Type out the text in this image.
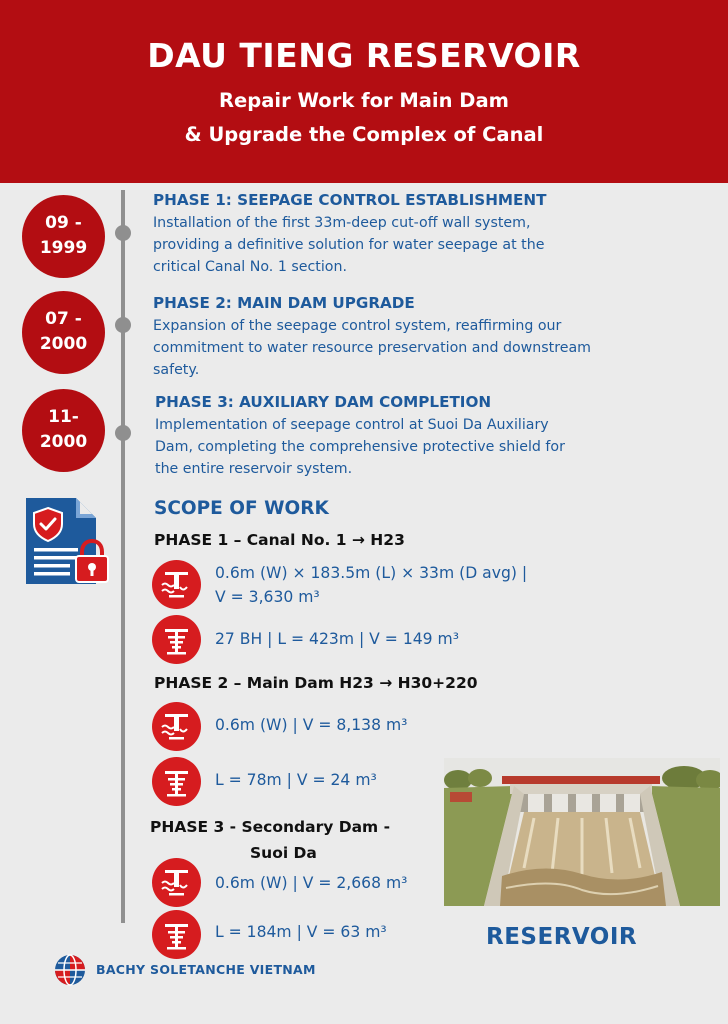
DAU TIENG RESERVOIR
Repair Work for Main Dam
& Upgrade the Complex of Canal
09 -
1999
07 -
2000
11-
2000
PHASE 1: SEEPAGE CONTROL ESTABLISHMENT
Installation of the first 33m-deep cut-off wall system,
providing a definitive solution for water seepage at the
critical Canal No. 1 section.
PHASE 2: MAIN DAM UPGRADE
Expansion of the seepage control system, reaffirming our
commitment to water resource preservation and downstream
safety.
PHASE 3: AUXILIARY DAM COMPLETION
Implementation of seepage control at Suoi Da Auxiliary
Dam, completing the comprehensive protective shield for
the entire reservoir system.
SCOPE OF WORK
PHASE 1 – Canal No. 1 → H23
0.6m (W) × 183.5m (L) × 33m (D avg) |
V = 3,630 m³
27 BH | L = 423m | V = 149 m³
PHASE 2 – Main Dam H23 → H30+220
0.6m (W) | V = 8,138 m³
L = 78m | V = 24 m³
PHASE 3 - Secondary Dam -
Suoi Da
0.6m (W) | V = 2,668 m³
L = 184m | V = 63 m³	RESERVOIR
BACHY SOLETANCHE VIETNAM
